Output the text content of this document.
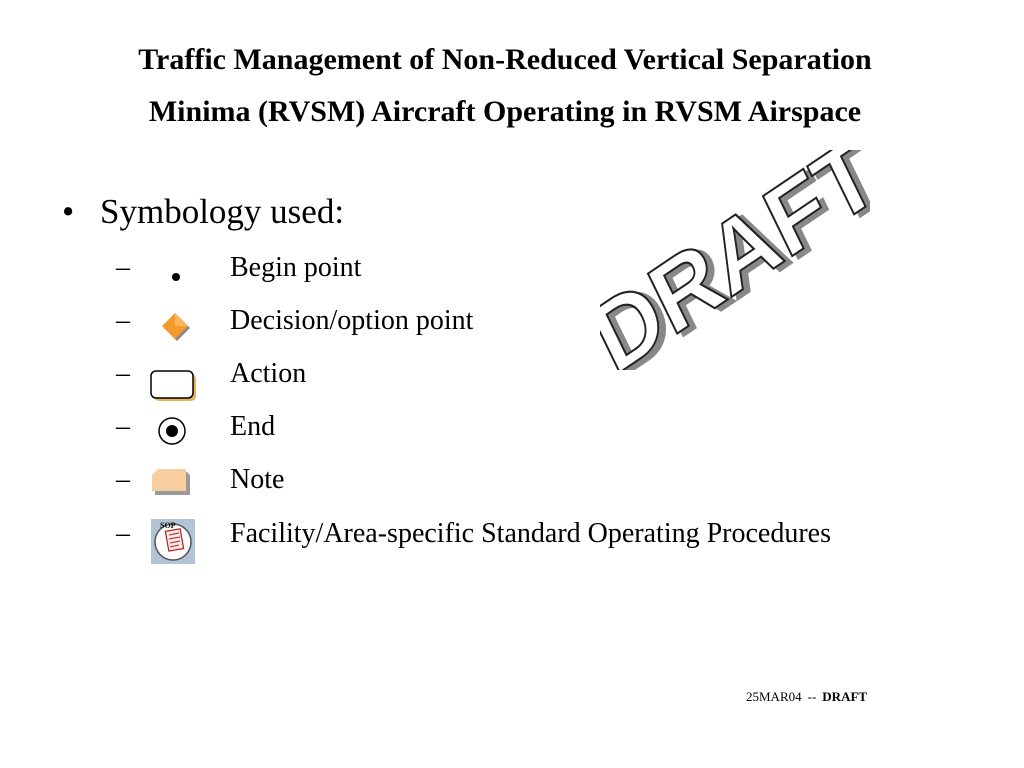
Traffic Management of Non-Reduced Vertical Separation
Minima (RVSM) Aircraft Operating in RVSM Airspace
• Symbology used:
–	Begin point
–	Decision/option point
–	Action
–	End
–	Note
–	SOP Facility/Area-specific Standard Operating Procedures
DRAFT
DRAFT
25MAR04 -- DRAFT
